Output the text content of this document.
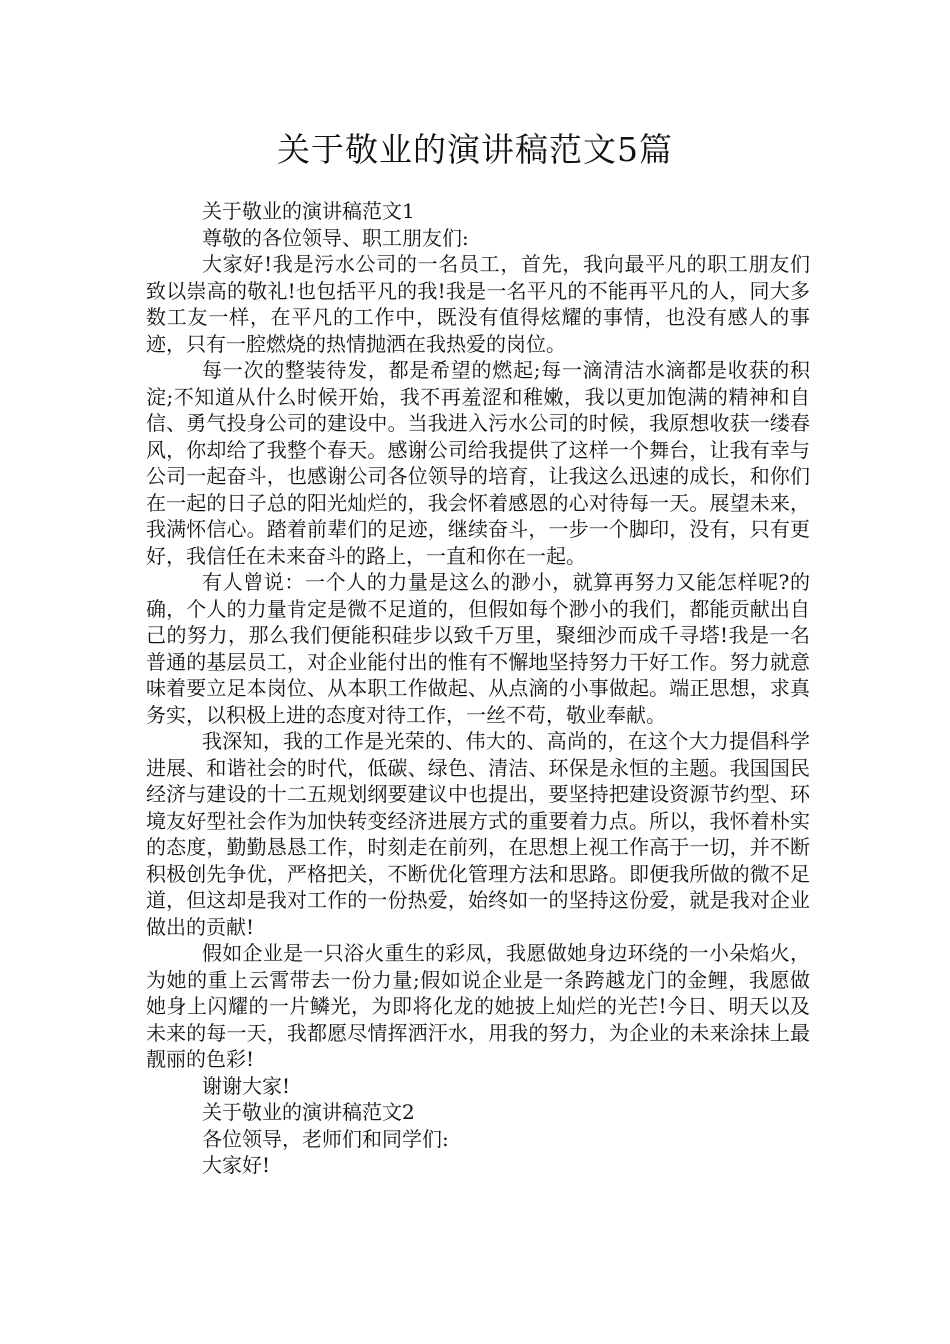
关于敬业的演讲稿范文5篇

关于敬业的演讲稿范文1

尊敬的各位领导、职工朋友们:

大家好!我是污水公司的一名员工，首先，我向最平凡的职工朋友们致以崇高的敬礼!也包括平凡的我!我是一名平凡的不能再平凡的人，同大多数工友一样，在平凡的工作中，既没有值得炫耀的事情，也没有感人的事迹，只有一腔燃烧的热情抛洒在我热爱的岗位。

每一次的整装待发，都是希望的燃起;每一滴清洁水滴都是收获的积淀;不知道从什么时候开始，我不再羞涩和稚嫩，我以更加饱满的精神和自信、勇气投身公司的建设中。当我进入污水公司的时候，我原想收获一缕春风，你却给了我整个春天。感谢公司给我提供了这样一个舞台，让我有幸与公司一起奋斗，也感谢公司各位领导的培育，让我这么迅速的成长，和你们在一起的日子总的阳光灿烂的，我会怀着感恩的心对待每一天。展望未来，我满怀信心。踏着前辈们的足迹，继续奋斗，一步一个脚印，没有，只有更好，我信任在未来奋斗的路上，一直和你在一起。

有人曾说：一个人的力量是这么的渺小，就算再努力又能怎样呢?的确，个人的力量肯定是微不足道的，但假如每个渺小的我们，都能贡献出自己的努力，那么我们便能积硅步以致千万里，聚细沙而成千寻塔!我是一名普通的基层员工，对企业能付出的惟有不懈地坚持努力干好工作。努力就意味着要立足本岗位、从本职工作做起、从点滴的小事做起。端正思想，求真务实，以积极上进的态度对待工作，一丝不苟，敬业奉献。

我深知，我的工作是光荣的、伟大的、高尚的，在这个大力提倡科学进展、和谐社会的时代，低碳、绿色、清洁、环保是永恒的主题。我国国民经济与建设的十二五规划纲要建议中也提出，要坚持把建设资源节约型、环境友好型社会作为加快转变经济进展方式的重要着力点。所以，我怀着朴实的态度，勤勤恳恳工作，时刻走在前列，在思想上视工作高于一切，并不断积极创先争优，严格把关，不断优化管理方法和思路。即便我所做的微不足道，但这却是我对工作的一份热爱，始终如一的坚持这份爱，就是我对企业做出的贡献!

假如企业是一只浴火重生的彩凤，我愿做她身边环绕的一小朵焰火，为她的重上云霄带去一份力量;假如说企业是一条跨越龙门的金鲤，我愿做她身上闪耀的一片鳞光，为即将化龙的她披上灿烂的光芒!今日、明天以及未来的每一天，我都愿尽情挥洒汗水，用我的努力，为企业的未来涂抹上最靓丽的色彩!

谢谢大家!

关于敬业的演讲稿范文2

各位领导，老师们和同学们:

大家好!
